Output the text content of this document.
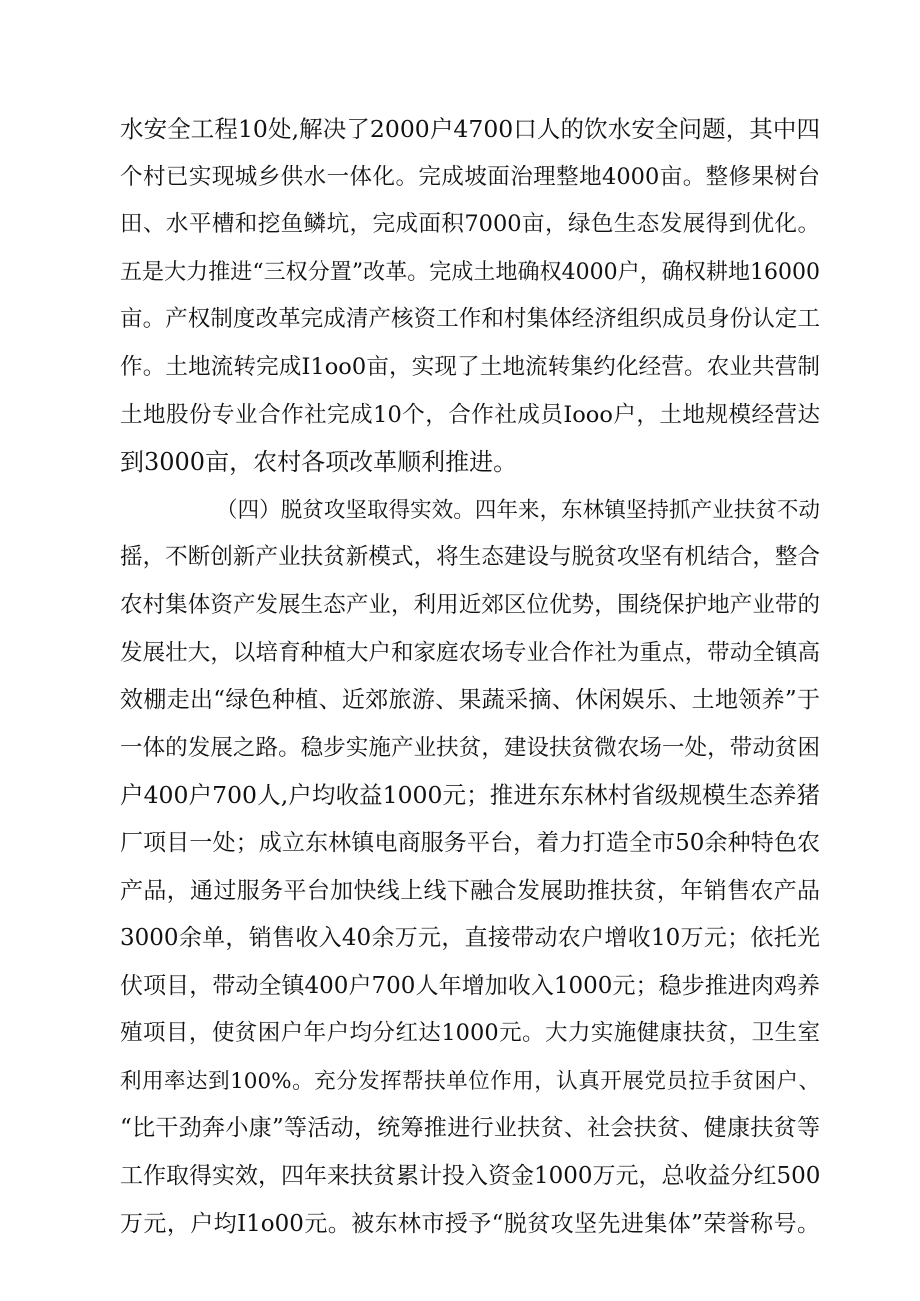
水安全工程10处,解决了2000户4700口人的饮水安全问题，其中四
个村已实现城乡供水一体化。完成坡面治理整地4000亩。整修果树台
田、水平槽和挖鱼鳞坑，完成面积7000亩，绿色生态发展得到优化。
五是大力推进“三权分置”改革。完成土地确权4000户，确权耕地16000
亩。产权制度改革完成清产核资工作和村集体经济组织成员身份认定工
作。土地流转完成I1oo0亩，实现了土地流转集约化经营。农业共营制
土地股份专业合作社完成10个，合作社成员Iooo户，土地规模经营达
到3000亩，农村各项改革顺利推进。
（四）脱贫攻坚取得实效。四年来，东林镇坚持抓产业扶贫不动
摇，不断创新产业扶贫新模式，将生态建设与脱贫攻坚有机结合，整合
农村集体资产发展生态产业，利用近郊区位优势，围绕保护地产业带的
发展壮大，以培育种植大户和家庭农场专业合作社为重点，带动全镇高
效棚走出“绿色种植、近郊旅游、果蔬采摘、休闲娱乐、土地领养”于
一体的发展之路。稳步实施产业扶贫，建设扶贫微农场一处，带动贫困
户400户700人,户均收益1000元；推进东东林村省级规模生态养猪
厂项目一处；成立东林镇电商服务平台，着力打造全市50余种特色农
产品，通过服务平台加快线上线下融合发展助推扶贫，年销售农产品
3000余单，销售收入40余万元，直接带动农户增收10万元；依托光
伏项目，带动全镇400户700人年增加收入1000元；稳步推进肉鸡养
殖项目，使贫困户年户均分红达1000元。大力实施健康扶贫，卫生室
利用率达到100%。充分发挥帮扶单位作用，认真开展党员拉手贫困户、
“比干劲奔小康”等活动，统筹推进行业扶贫、社会扶贫、健康扶贫等
工作取得实效，四年来扶贫累计投入资金1000万元，总收益分红500
万元，户均I1o00元。被东林市授予“脱贫攻坚先进集体”荣誉称号。
